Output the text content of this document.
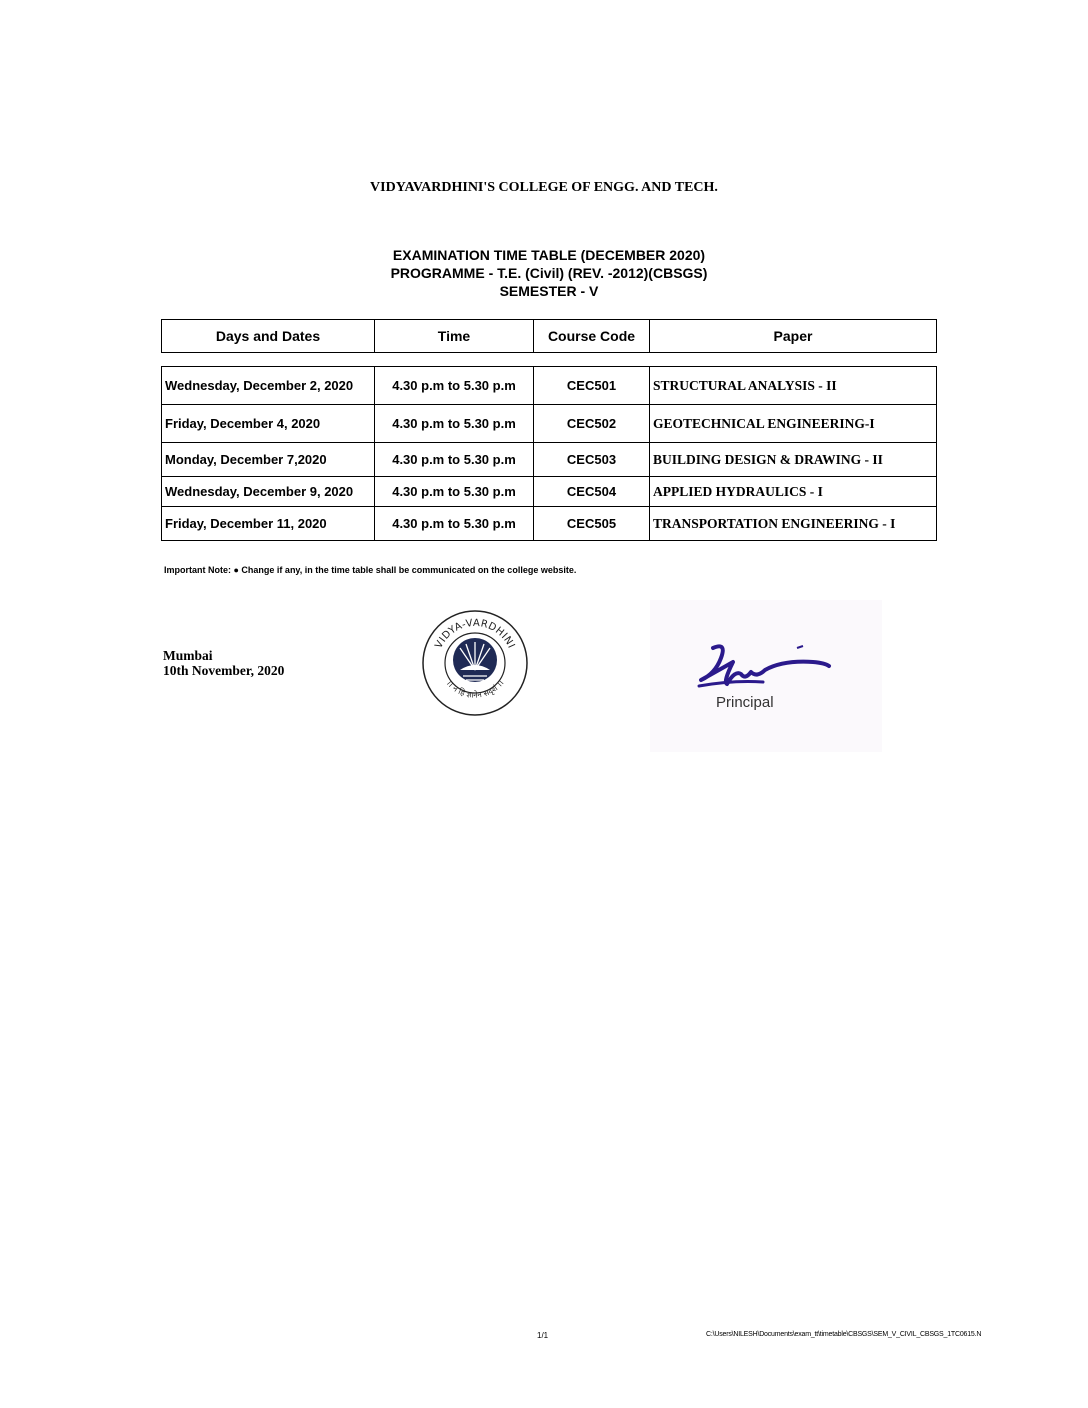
VIDYAVARDHINI'S COLLEGE OF ENGG. AND TECH.
EXAMINATION TIME TABLE (DECEMBER 2020)
PROGRAMME - T.E. (Civil) (REV. -2012)(CBSGS)
SEMESTER - V
Days and Dates	Time	Course Code	Paper
Wednesday, December 2, 2020	4.30 p.m to 5.30 p.m	CEC501	STRUCTURAL ANALYSIS - II
Friday, December 4, 2020	4.30 p.m to 5.30 p.m	CEC502	GEOTECHNICAL ENGINEERING-I
Monday, December 7,2020	4.30 p.m to 5.30 p.m	CEC503	BUILDING DESIGN & DRAWING - II
Wednesday, December 9, 2020	4.30 p.m to 5.30 p.m	CEC504	APPLIED HYDRAULICS - I
Friday, December 11, 2020	4.30 p.m to 5.30 p.m	CEC505	TRANSPORTATION ENGINEERING - I
Important Note: ● Change if any, in the time table shall be communicated on the college website.
Mumbai
10th November, 2020
VIDYA-VARDHINI
।। न हि ज्ञानेन सदृशं ।।
Principal
1/1	C:\Users\NILESH\Documents\exam_tt\timetable\CBSGS\SEM_V_CIVIL_CBSGS_1TC0615.N
